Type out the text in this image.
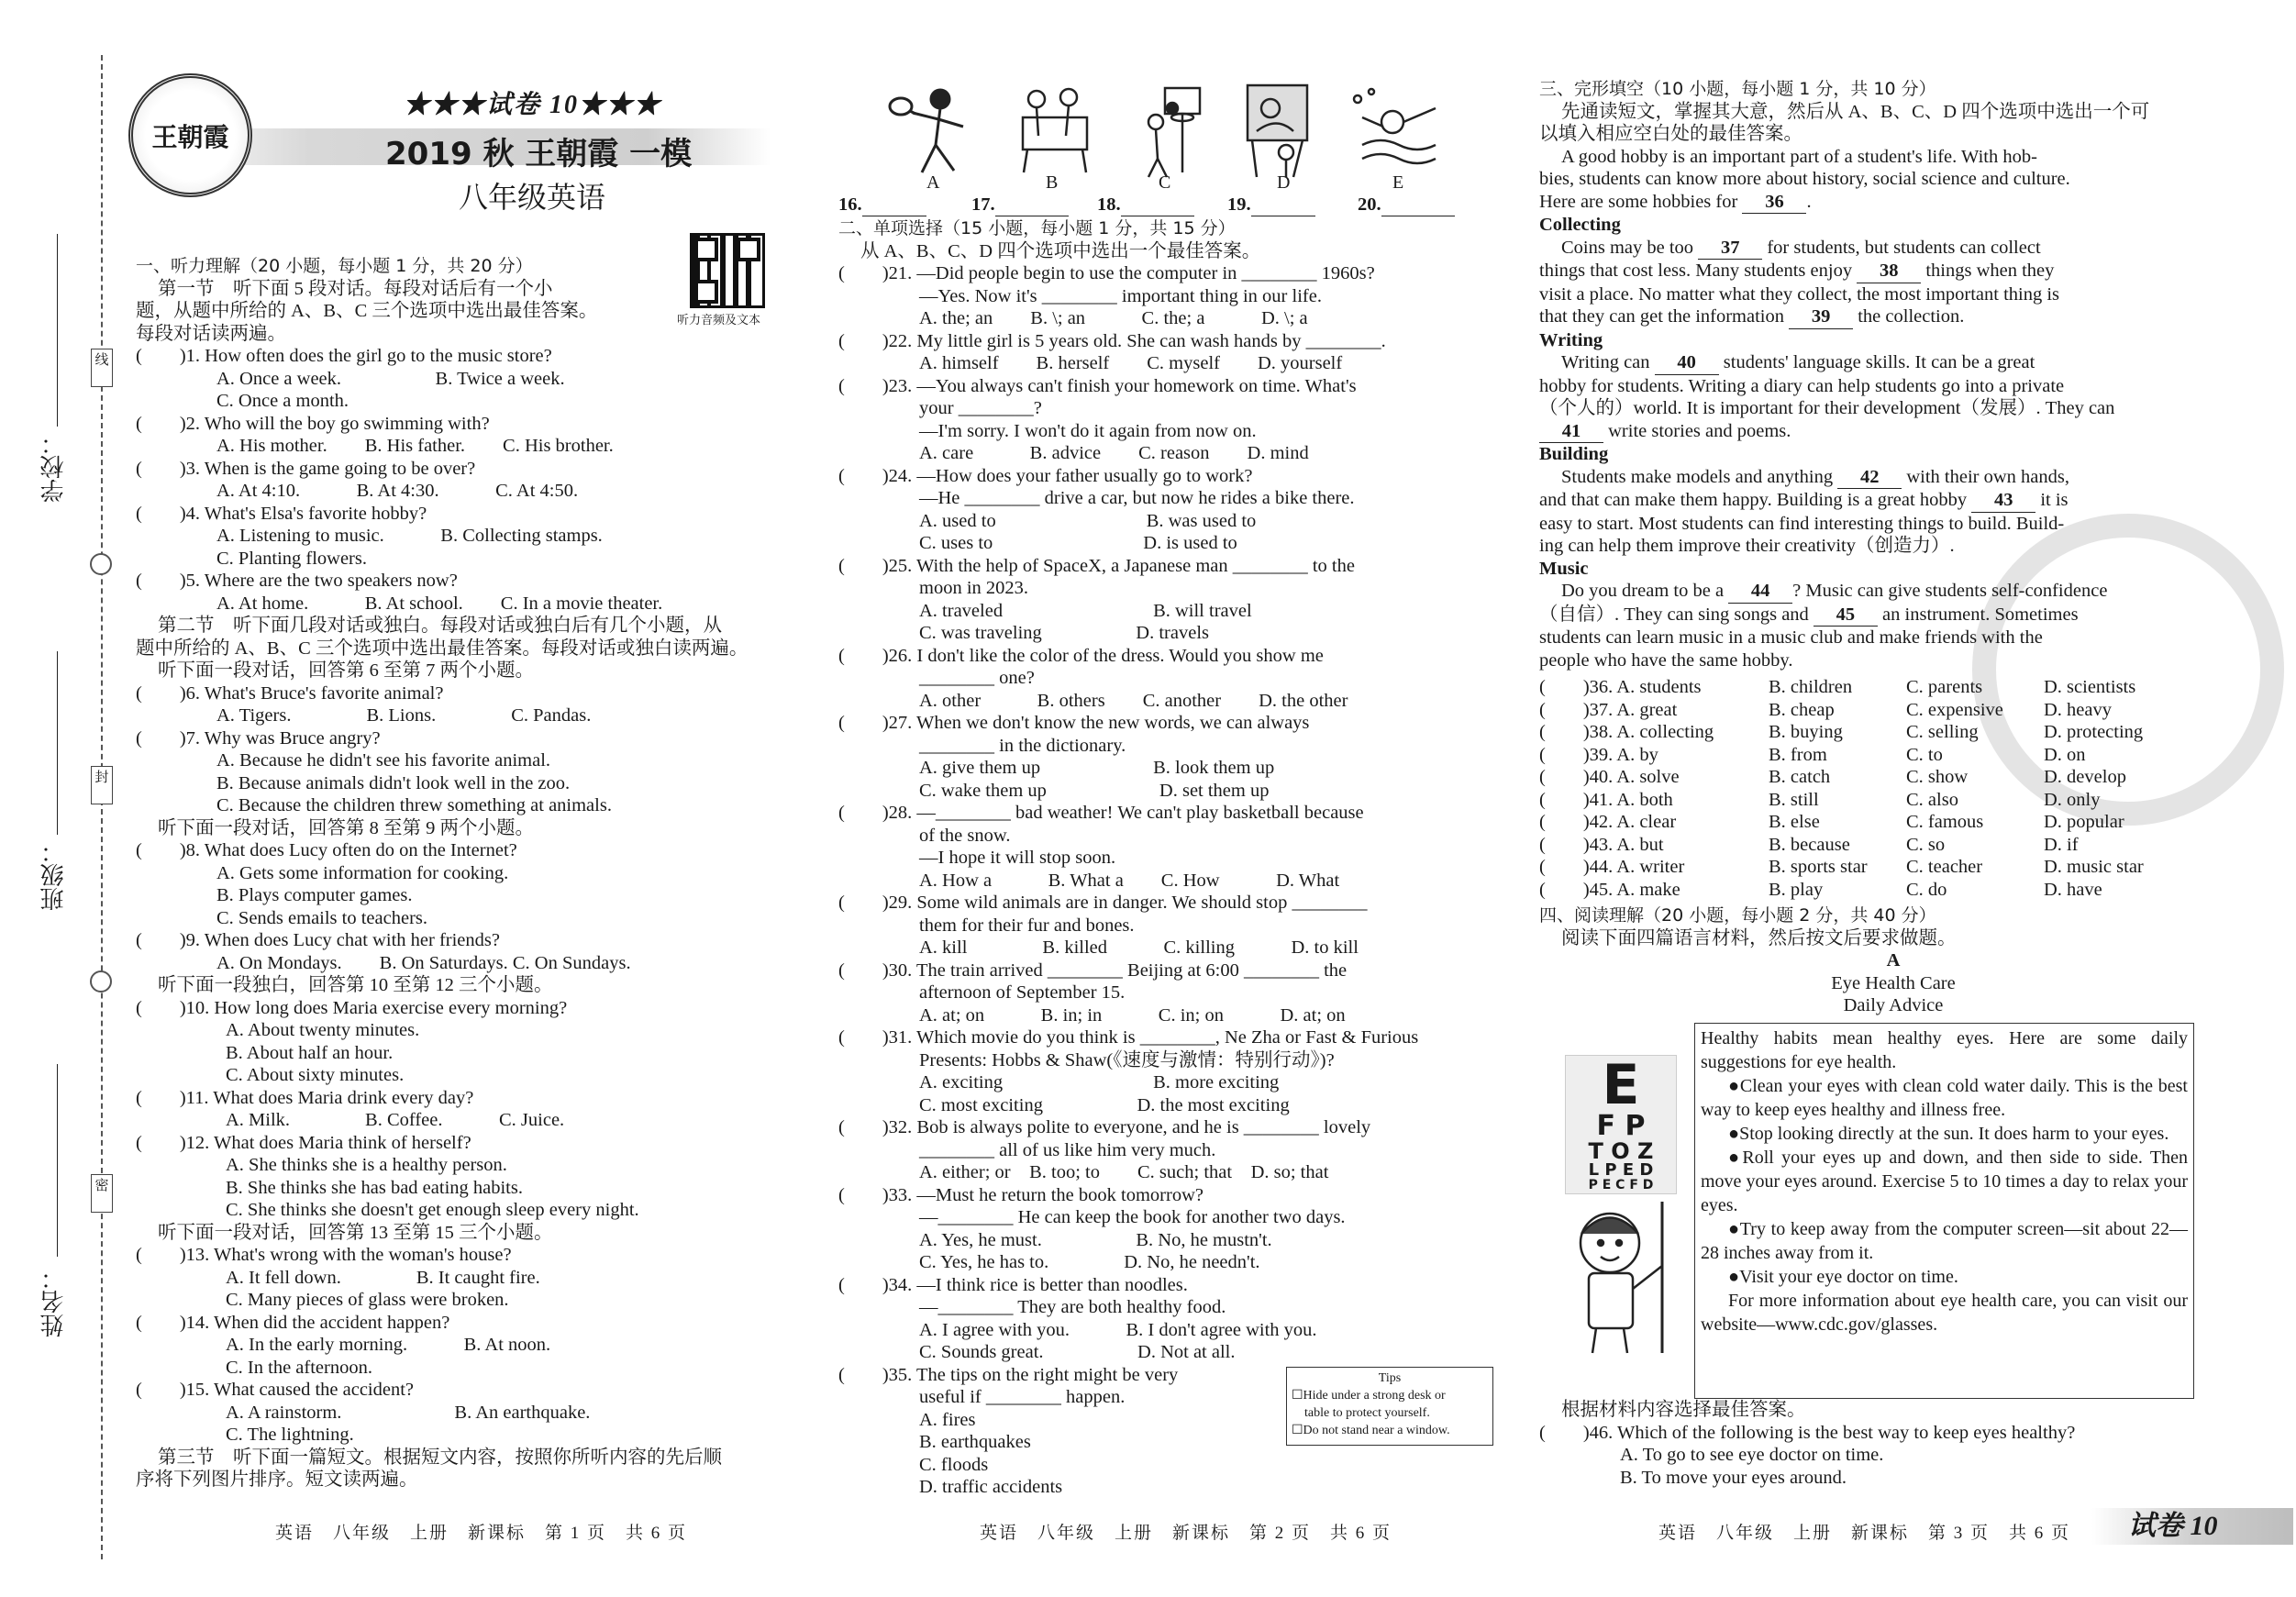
线
封
密
学校：
班级：
姓名：
王朝霞
★★★试卷 10★★★
2019 秋 王朝霞 一模
八年级英语
听力音频及文本
一、听力理解（20 小题，每小题 1 分，共 20 分）
第一节　听下面 5 段对话。每段对话后有一个小
题，从题中所给的 A、B、C 三个选项中选出最佳答案。
每段对话读两遍。
(　　)1. How often does the girl go to the music store?
A. Once a week.　　　　　B. Twice a week.
C. Once a month.
(　　)2. Who will the boy go swimming with?
A. His mother.　　B. His father.　　C. His brother.
(　　)3. When is the game going to be over?
A. At 4:10.　　　B. At 4:30.　　　C. At 4:50.
(　　)4. What's Elsa's favorite hobby?
A. Listening to music.　　　B. Collecting stamps.
C. Planting flowers.
(　　)5. Where are the two speakers now?
A. At home.　　　B. At school.　　C. In a movie theater.
第二节　听下面几段对话或独白。每段对话或独白后有几个小题，从
题中所给的 A、B、C 三个选项中选出最佳答案。每段对话或独白读两遍。
听下面一段对话，回答第 6 至第 7 两个小题。
(　　)6. What's Bruce's favorite animal?
A. Tigers.　　　　B. Lions.　　　　C. Pandas.
(　　)7. Why was Bruce angry?
A. Because he didn't see his favorite animal.
B. Because animals didn't look well in the zoo.
C. Because the children threw something at animals.
听下面一段对话，回答第 8 至第 9 两个小题。
(　　)8. What does Lucy often do on the Internet?
A. Gets some information for cooking.
B. Plays computer games.
C. Sends emails to teachers.
(　　)9. When does Lucy chat with her friends?
A. On Mondays.　　B. On Saturdays. C. On Sundays.
听下面一段独白，回答第 10 至第 12 三个小题。
(　　)10. How long does Maria exercise every morning?
A. About twenty minutes.
B. About half an hour.
C. About sixty minutes.
(　　)11. What does Maria drink every day?
A. Milk.　　　　B. Coffee.　　　C. Juice.
(　　)12. What does Maria think of herself?
A. She thinks she is a healthy person.
B. She thinks she has bad eating habits.
C. She thinks she doesn't get enough sleep every night.
听下面一段对话，回答第 13 至第 15 三个小题。
(　　)13. What's wrong with the woman's house?
A. It fell down.　　　　B. It caught fire.
C. Many pieces of glass were broken.
(　　)14. When did the accident happen?
A. In the early morning.　　　B. At noon.
C. In the afternoon.
(　　)15. What caused the accident?
A. A rainstorm.　　　　　　B. An earthquake.
C. The lightning.
第三节　听下面一篇短文。根据短文内容，按照你所听内容的先后顺
序将下列图片排序。短文读两遍。
A	B	C	D	E
16.	17.	18.	19.	20.
二、单项选择（15 小题，每小题 1 分，共 15 分）
从 A、B、C、D 四个选项中选出一个最佳答案。
(　　)21. —Did people begin to use the computer in ________ 1960s?
—Yes. Now it's ________ important thing in our life.
A. the; an　　B. \; an　　　C. the; a　　　D. \; a
(　　)22. My little girl is 5 years old. She can wash hands by ________.
A. himself　　B. herself　　C. myself　　D. yourself
(　　)23. —You always can't finish your homework on time. What's
your ________?
—I'm sorry. I won't do it again from now on.
A. care　　　B. advice　　C. reason　　D. mind
(　　)24. —How does your father usually go to work?
—He ________ drive a car, but now he rides a bike there.
A. used to　　　　　　　　B. was used to
C. uses to　　　　　　　　D. is used to
(　　)25. With the help of SpaceX, a Japanese man ________ to the
moon in 2023.
A. traveled　　　　　　　　B. will travel
C. was traveling　　　　　D. travels
(　　)26. I don't like the color of the dress. Would you show me
________ one?
A. other　　　B. others　　C. another　　D. the other
(　　)27. When we don't know the new words, we can always
________ in the dictionary.
A. give them up　　　　　　B. look them up
C. wake them up　　　　　　D. set them up
(　　)28. —________ bad weather! We can't play basketball because
of the snow.
—I hope it will stop soon.
A. How a　　　B. What a　　C. How　　　D. What
(　　)29. Some wild animals are in danger. We should stop ________
them for their fur and bones.
A. kill　　　　B. killed　　　C. killing　　　D. to kill
(　　)30. The train arrived ________ Beijing at 6:00 ________ the
afternoon of September 15.
A. at; on　　　B. in; in　　　C. in; on　　　D. at; on
(　　)31. Which movie do you think is ________, Ne Zha or Fast & Furious
Presents: Hobbs & Shaw(《速度与激情：特别行动》)?
A. exciting　　　　　　　　B. more exciting
C. most exciting　　　　　D. the most exciting
(　　)32. Bob is always polite to everyone, and he is ________ lovely
________ all of us like him very much.
A. either; or　B. too; to　　C. such; that　D. so; that
(　　)33. —Must he return the book tomorrow?
—________ He can keep the book for another two days.
A. Yes, he must.　　　　　B. No, he mustn't.
C. Yes, he has to.　　　　D. No, he needn't.
(　　)34. —I think rice is better than noodles.
—________ They are both healthy food.
A. I agree with you.　　　B. I don't agree with you.
C. Sounds great.　　　　　D. Not at all.
(　　)35. The tips on the right might be very
useful if ________ happen.
A. fires
B. earthquakes
C. floods
D. traffic accidents
Tips
☐Hide under a strong desk or
table to protect yourself.
☐Do not stand near a window.
三、完形填空（10 小题，每小题 1 分，共 10 分）
先通读短文，掌握其大意，然后从 A、B、C、D 四个选项中选出一个可
以填入相应空白处的最佳答案。
A good hobby is an important part of a student's life. With hob-
bies, students can know more about history, social science and culture.
Here are some hobbies for 36 .
Collecting
Coins may be too 37 for students, but students can collect
things that cost less. Many students enjoy 38 things when they
visit a place. No matter what they collect, the most important thing is
that they can get the information 39 the collection.
Writing
Writing can 40 students' language skills. It can be a great
hobby for students. Writing a diary can help students go into a private
（个人的）world. It is important for their development（发展）. They can
41 write stories and poems.
Building
Students make models and anything 42 with their own hands,
and that can make them happy. Building is a great hobby 43 it is
easy to start. Most students can find interesting things to build. Build-
ing can help them improve their creativity（创造力）.
Music
Do you dream to be a 44 ? Music can give students self-confidence
（自信）. They can sing songs and 45 an instrument. Sometimes
students can learn music in a music club and make friends with the
people who have the same hobby.
(　　)36. A. students	B. children	C. parents	D. scientists
(　　)37. A. great	B. cheap	C. expensive	D. heavy
(　　)38. A. collecting	B. buying	C. selling	D. protecting
(　　)39. A. by	B. from	C. to	D. on
(　　)40. A. solve	B. catch	C. show	D. develop
(　　)41. A. both	B. still	C. also	D. only
(　　)42. A. clear	B. else	C. famous	D. popular
(　　)43. A. but	B. because	C. so	D. if
(　　)44. A. writer	B. sports star	C. teacher	D. music star
(　　)45. A. make	B. play	C. do	D. have
四、阅读理解（20 小题，每小题 2 分，共 40 分）
阅读下面四篇语言材料，然后按文后要求做题。
A
Eye Health Care
Daily Advice
E
F P
T O Z
L P E D
P E C F D
Healthy habits mean healthy eyes. Here are some daily suggestions for eye health.
●Clean your eyes with clean cold water daily. This is the best way to keep eyes healthy and illness free.
●Stop looking directly at the sun. It does harm to your eyes.
●Roll your eyes up and down, and then side to side. Then move your eyes around. Exercise 5 to 10 times a day to relax your eyes.
●Try to keep away from the computer screen—sit about 22—28 inches away from it.
●Visit your eye doctor on time.
For more information about eye health care, you can visit our website—www.cdc.gov/glasses.
根据材料内容选择最佳答案。
(　　)46. Which of the following is the best way to keep eyes healthy?
A. To go to see eye doctor on time.
B. To move your eyes around.
英语　八年级　上册　新课标　第 1 页　共 6 页	英语　八年级　上册　新课标　第 2 页　共 6 页	英语　八年级　上册　新课标　第 3 页　共 6 页	试卷 10
